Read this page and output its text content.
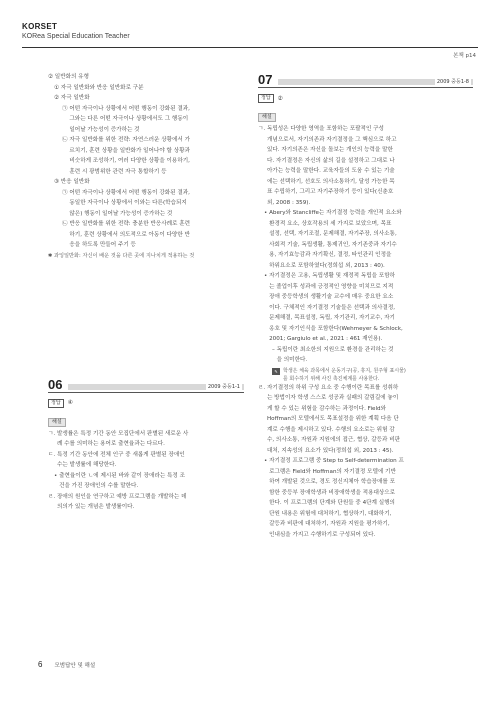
KORSET
KORea Special Education Teacher
본책 p14
② 일반화의 유형
①
자극 일반화와 반응 일반화로 구분
②
자극 일반화
㉠
어떤 자극이나 상황에서 어떤 행동이 강화된 결과,
그와는 다른 어떤 자극이나 상황에서도 그 행동이
일어날 가능성이 증가하는 것
㉡
자극 일반화를 위한 전략: 자연스러운 상황에서 가
르치기, 훈련 상황을 일반화가 일어나야 할 상황과
비슷하게 조성하기, 여러 다양한 상황을 이용하기,
훈련 시 광범위한 관련 자극 통합하기 등
③
반응 일반화
㉠
어떤 자극이나 상황에서 어떤 행동이 강화된 결과,
동일한 자극이나 상황에서 이와는 다른(학습되지
않은) 행동이 일어날 가능성이 증가하는 것
㉡
반응 일반화를 위한 전략: 충분한 반응사례로 훈련
하기, 훈련 상황에서 의도적으로 아동이 다양한 반
응을 하도록 만들어 주기 등
✱ 과잉일반화: 자신이 배운 것을 다른 곳에 지나치게 적용하는 것
06	2009 중등1-1
정답	④
해설
ㄱ.
발생률은 특정 기간 동안 모집단에서 판별된 새로운 사
례 수를 의미하는 용어로 출현율과는 다르다.
ㄷ.
특정 기간 동안에 전체 인구 중 새롭게 판별된 장애인
수는 발생률에 해당한다.
•
출현율이란 ㄴ에 제시된 바와 같이 장애라는 특정 조
건을 가진 장애인의 수를 말한다.
ㄹ.
장애의 원인을 연구하고 예방 프로그램을 개발하는 데
의의가 있는 개념은 발생률이다.
07	2009 중등1-8
정답	②
해설
ㄱ.
독립성은 다양한 영역을 포함하는 포괄적인 구성
개념으로서, 자기의존과 자기결정을 그 핵심으로 하고
있다. 자기의존은 자신을 돌보는 개인의 능력을 말한
다. 자기결정은 자신의 삶의 길을 설정하고 그대로 나
아가는 능력을 말한다. 교육자들의 도움 수 있는 기술
에는 선택하기, 선호도 의사소통하기, 달성 가능한 목
표 수립하기, 그리고 자기주장하기 등이 있다(신춘호
외, 2008 : 359).
•
Abery와 Stancliffe는 자기결정 능력을 개인적 요소와
환경적 요소, 상호작용의 세 가지로 보았으며, 목표
설정, 선택, 자기조절, 문제해결, 자기주장, 의사소통,
사회적 기술, 독립생활, 통제귀인, 자기존중과 자기수
용, 자기효능감과 자기확신, 결정, 타인관리 인정을
하위요소로 포함하였다(정희섭 외, 2013 : 40).
•
자기결정은 고용, 독립생활 및 재정적 독립을 포함하
는 졸업이후 성과에 긍정적인 영향을 미치므로 지적
장애 중등학생의 생활기술 교수에 매우 중요한 요소
이다. 구체적인 자기결정 기술들은 선택과 의사결정,
문제해결, 목표설정, 독립, 자기관리, 자기교수, 자기
옹호 및 자기인식을 포함한다(Wehmeyer & Schlock,
2001; Gargiulo et al., 2021 : 461 재인용).
–
독립이란 최소한의 지원으로 환경을 관리하는 것
을 의미한다.
✎	학생은 체육 과목에서 운동기구(공, 휴지, 원주형 표시물)
를 회수하기 위해 사진 촉진체계를 사용한다.
ㄹ.
자기결정의 하위 구성 요소 중 수행이란 목표를 성취하
는 방법이자 학생 스스로 성공과 실패의 갈림길에 놓이
게 할 수 있는 위험을 감수하는 과정이다. Field와
Hoffman의 모델에서도 목표설정을 위한 계획 다음 단
계로 수행을 제시하고 있다. 수행의 요소로는 위험 감
수, 의사소통, 자원과 지원에의 접근, 협상, 갈등과 비판
대처, 지속성의 요소가 있다(정희섭 외, 2013 : 45).
•
자기결정 프로그램 중 Step to Self-determination 프
로그램은 Field와 Hoffman의 자기결정 모델에 기반
하여 개발된 것으로, 경도 정신지체아 학습장애를 포
함한 중등부 장애학생과 비장애학생을 적용대상으로
한다. 이 프로그램의 단계와 단원들 중 4단계 실행의
단원 내용은 위험에 대처하기, 협상하기, 대화하기,
갈등과 비판에 대처하기, 자원과 지원을 평가하기,
인내심을 가지고 수행하기로 구성되어 있다.
6 모범답안 및 해설
